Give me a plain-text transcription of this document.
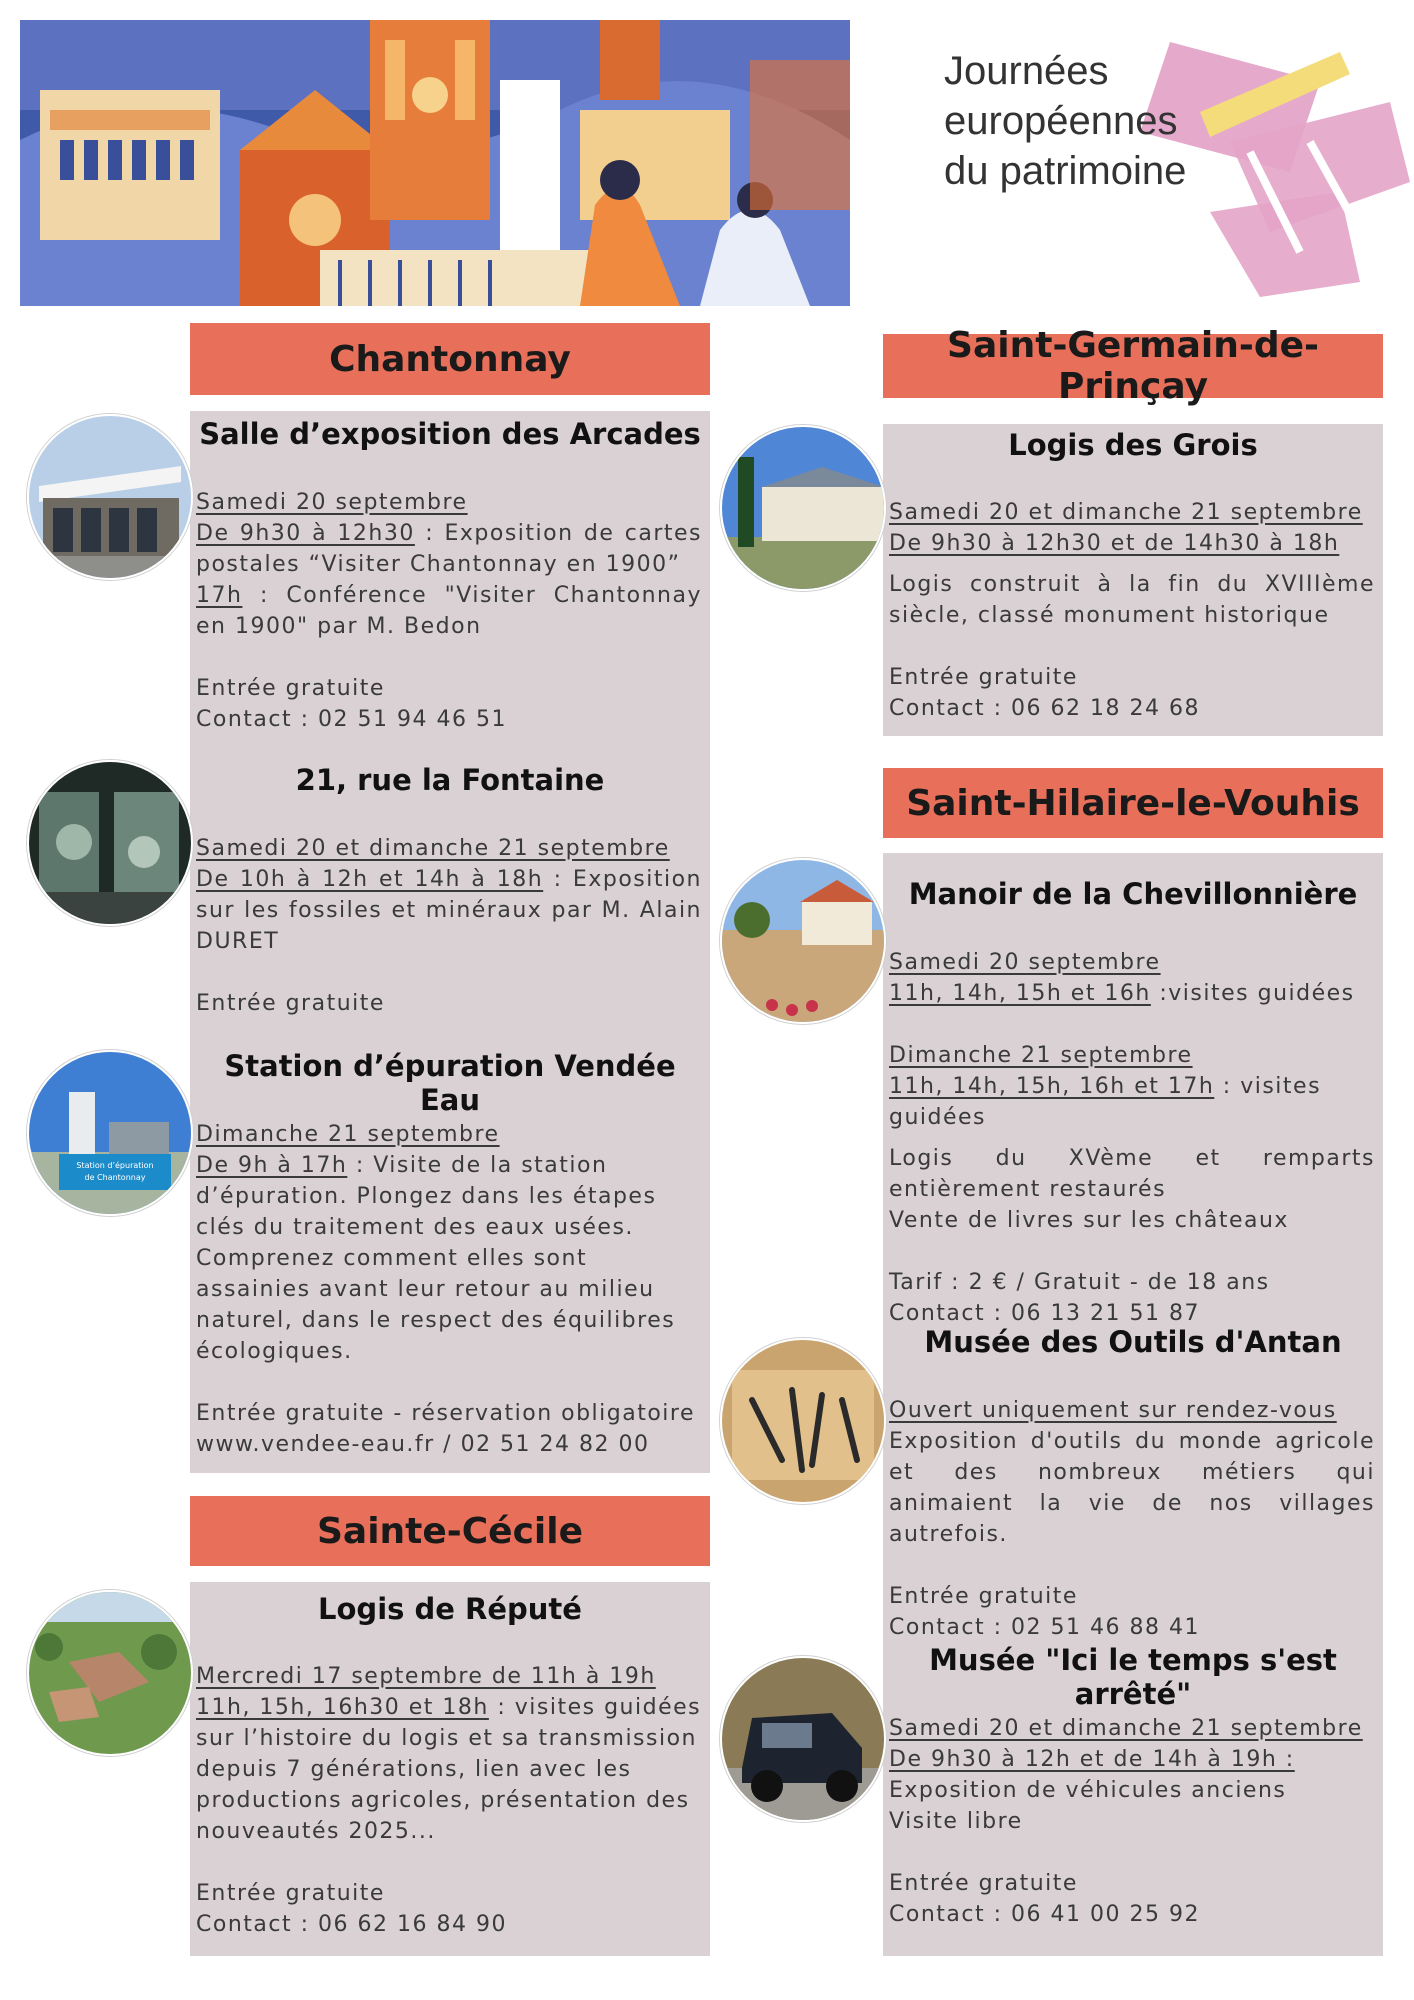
Journées
européennes
du patrimoine
Chantonnay
Salle d’exposition des Arcades

Samedi 20 septembre

De 9h30 à 12h30 : Exposition de cartes postales “Visiter Chantonnay en 1900”

17h : Conférence "Visiter Chantonnay en 1900" par M. Bedon

Entrée gratuite

Contact : 02 51 94 46 51

21, rue la Fontaine

Samedi 20 et dimanche 21 septembre

De 10h à 12h et 14h à 18h : Exposition sur les fossiles et minéraux par M. Alain DURET

Entrée gratuite

Station d’épuration Vendée Eau

Dimanche 21 septembre

De 9h à 17h : Visite de la station d’épuration. Plongez dans les étapes clés du traitement des eaux usées. Comprenez comment elles sont assainies avant leur retour au milieu naturel, dans le respect des équilibres écologiques.

Entrée gratuite - réservation obligatoire

www.vendee-eau.fr / 02 51 24 82 00

Sainte-Cécile
Logis de Réputé

Mercredi 17 septembre de 11h à 19h

11h, 15h, 16h30 et 18h : visites guidées sur l’histoire du logis et sa transmission depuis 7 générations, lien avec les productions agricoles, présentation des nouveautés 2025...

Entrée gratuite

Contact : 06 62 16 84 90

Saint-Germain-de-Prinçay
Logis des Grois

Samedi 20 et dimanche 21 septembre

De 9h30 à 12h30 et de 14h30 à 18h

Logis construit à la fin du XVIIIème siècle, classé monument historique

Entrée gratuite

Contact : 06 62 18 24 68

Saint-Hilaire-le-Vouhis
Manoir de la Chevillonnière

Samedi 20 septembre

11h, 14h, 15h et 16h :visites guidées

Dimanche 21 septembre

11h, 14h, 15h, 16h et 17h : visites guidées

Logis du XVème et remparts entièrement restaurés

Vente de livres sur les châteaux

Tarif : 2 € / Gratuit - de 18 ans

Contact : 06 13 21 51 87

Musée des Outils d'Antan

Ouvert uniquement sur rendez-vous

Exposition d'outils du monde agricole et des nombreux métiers qui animaient la vie de nos villages autrefois.

Entrée gratuite

Contact : 02 51 46 88 41

Musée "Ici le temps s'est arrêté"

Samedi 20 et dimanche 21 septembre

De 9h30 à 12h et de 14h à 19h :

Exposition de véhicules anciens

Visite libre

Entrée gratuite

Contact : 06 41 00 25 92

Station d’épuration
de Chantonnay
